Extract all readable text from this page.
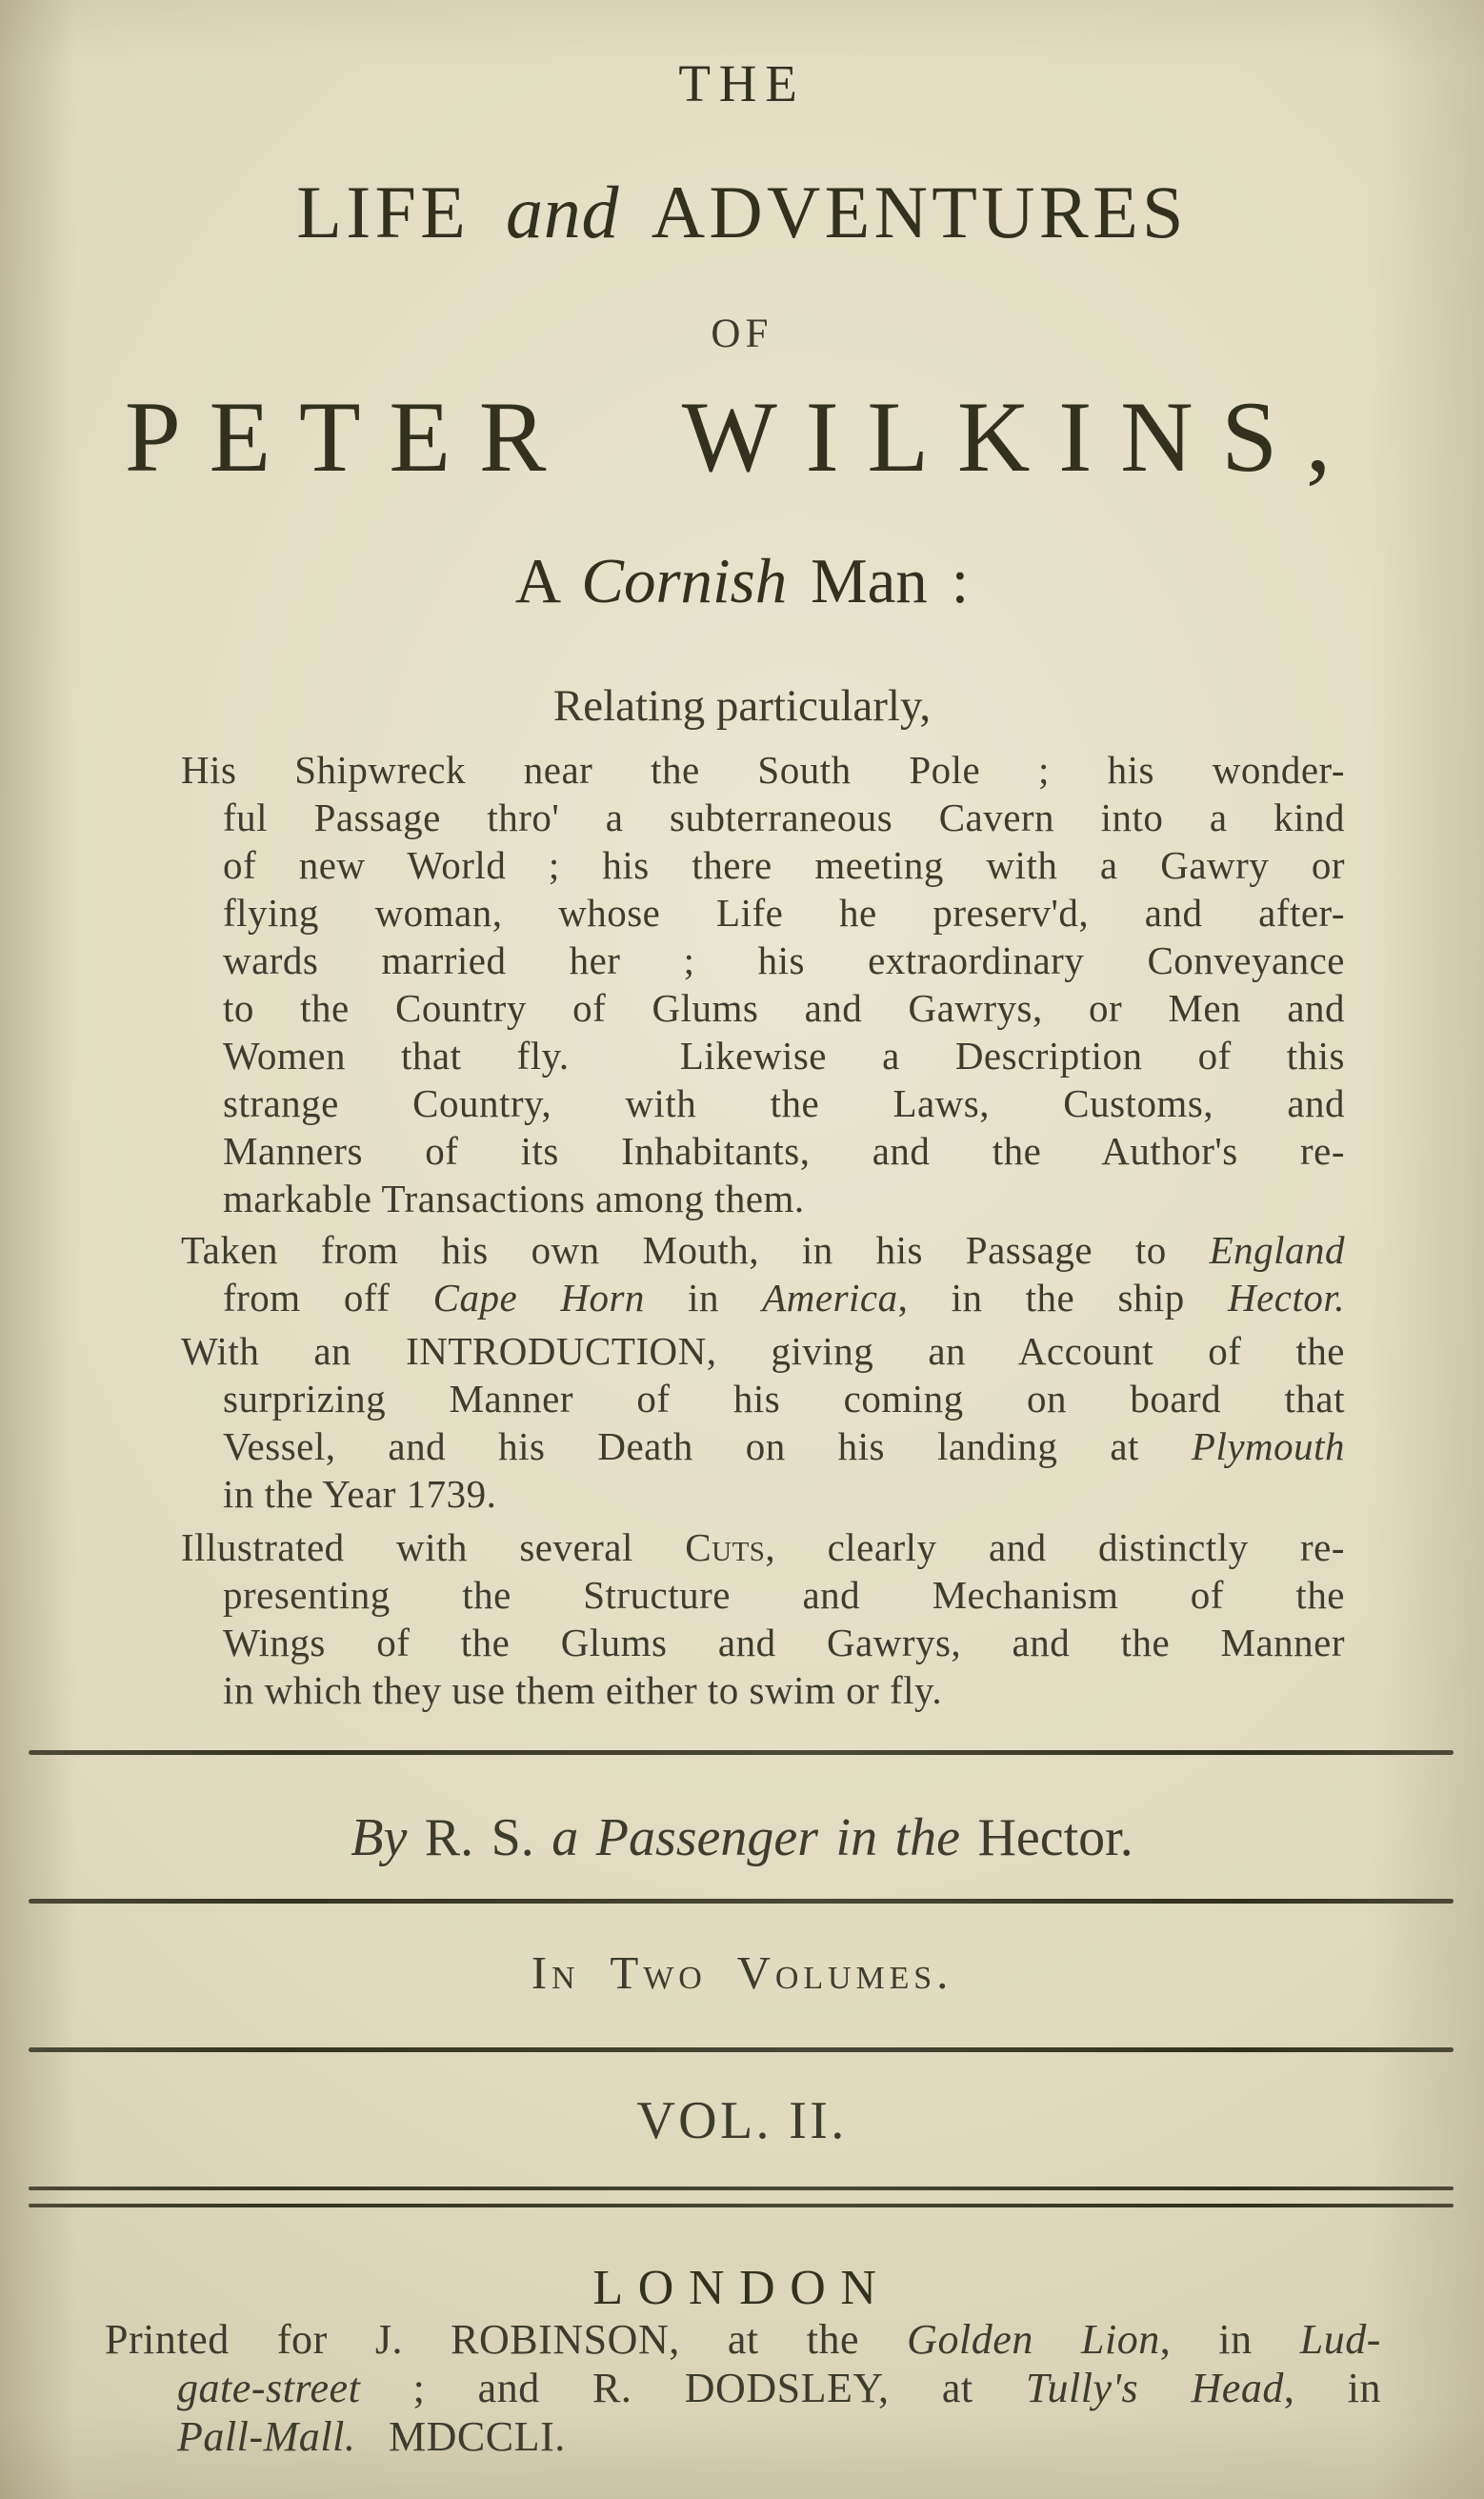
THE
LIFE and ADVENTURES
OF
PETER WILKINS,
A Cornish Man :
Relating particularly,
His Shipwreck near the South Pole ; his wonder-
ful Passage thro' a subterraneous Cavern into a kind
of new World ; his there meeting with a Gawry or
flying woman, whose Life he preserv'd, and after-
wards married her ; his extraordinary Conveyance
to the Country of Glums and Gawrys, or Men and
Women that fly.  Likewise a Description of this
strange Country, with the Laws, Customs, and
Manners of its Inhabitants, and the Author's re-
markable Transactions among them.
Taken from his own Mouth, in his Passage to England
from off Cape Horn in America, in the ship Hector.
With an INTRODUCTION, giving an Account of the
surprizing Manner of his coming on board that
Vessel, and his Death on his landing at Plymouth
in the Year 1739.
Illustrated with several Cuts, clearly and distinctly re-
presenting the Structure and Mechanism of the
Wings of the Glums and Gawrys, and the Manner
in which they use them either to swim or fly.
By R. S. a Passenger in the Hector.
In Two Volumes.
VOL. II.
LONDON
Printed for J. ROBINSON, at the Golden Lion, in Lud-
gate-street ; and R. DODSLEY, at Tully's Head, in
Pall-Mall.   MDCCLI.
